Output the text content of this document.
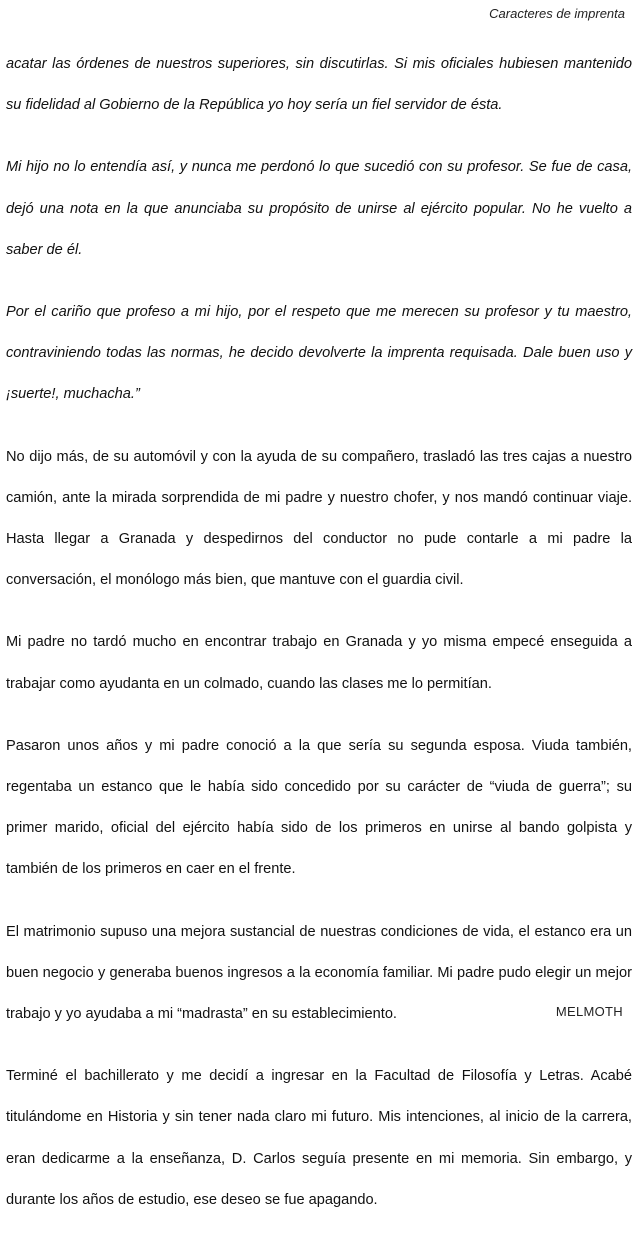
Caracteres de imprenta

acatar las órdenes de nuestros superiores, sin discutirlas. Si mis oficiales hubiesen mantenido su fidelidad al Gobierno de la República yo hoy sería un fiel servidor de ésta.

Mi hijo no lo entendía así, y nunca me perdonó lo que sucedió con su profesor. Se fue de casa, dejó una nota en la que anunciaba su propósito de unirse al ejército popular. No he vuelto a saber de él.

Por el cariño que profeso a mi hijo, por el respeto que me merecen su profesor y tu maestro, contraviniendo todas las normas, he decido devolverte la imprenta requisada. Dale buen uso y ¡suerte!, muchacha.”

No dijo más, de su automóvil y con la ayuda de su compañero, trasladó las tres cajas a nuestro camión, ante la mirada sorprendida de mi padre y nuestro chofer, y nos mandó continuar viaje. Hasta llegar a Granada y despedirnos del conductor no pude contarle a mi padre la conversación, el monólogo más bien, que mantuve con el guardia civil.

Mi padre no tardó mucho en encontrar trabajo en Granada y yo misma empecé enseguida a trabajar como ayudanta en un colmado, cuando las clases me lo permitían.

Pasaron unos años y mi padre conoció a la que sería su segunda esposa. Viuda también, regentaba un estanco que le había sido concedido por su carácter de “viuda de guerra”; su primer marido, oficial del ejército había sido de los primeros en unirse al bando golpista y también de los primeros en caer en el frente.

El matrimonio supuso una mejora sustancial de nuestras condiciones de vida, el estanco era un buen negocio y generaba buenos ingresos a la economía familiar. Mi padre pudo elegir un mejor trabajo y yo ayudaba a mi “madrasta” en su establecimiento.

Terminé el bachillerato y me decidí a ingresar en la Facultad de Filosofía y Letras. Acabé titulándome en Historia y sin tener nada claro mi futuro. Mis intenciones, al inicio de la carrera, eran dedicarme a la enseñanza, D. Carlos seguía presente en mi memoria. Sin embargo, y durante los años de estudio, ese deseo se fue apagando.

MELMOTH
